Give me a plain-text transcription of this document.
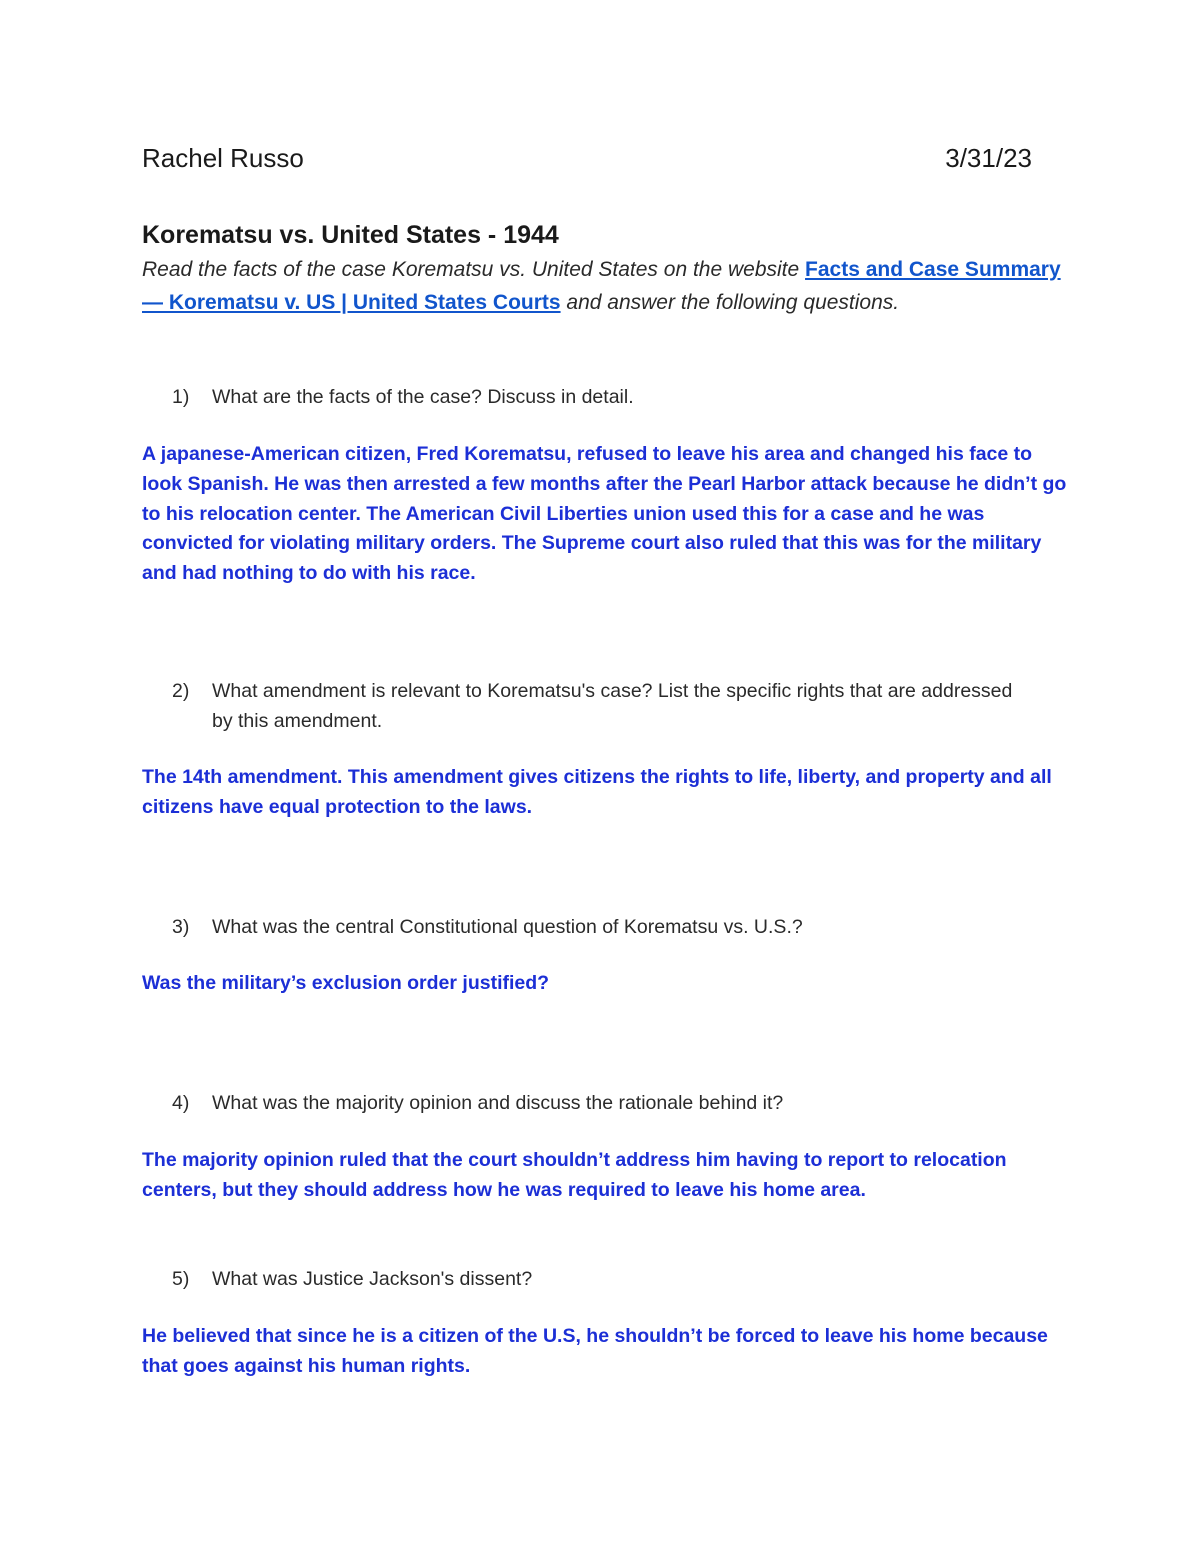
Rachel Russo	3/31/23
Korematsu vs. United States - 1944

Read the facts of the case Korematsu vs. United States on the website Facts and Case Summary — Korematsu v. US | United States Courts and answer the following questions.

1)	What are the facts of the case? Discuss in detail.

A japanese-American citizen, Fred Korematsu, refused to leave his area and changed his face to look Spanish. He was then arrested a few months after the Pearl Harbor attack because he didn’t go to his relocation center. The American Civil Liberties union used this for a case and he was convicted for violating military orders. The Supreme court also ruled that this was for the military and had nothing to do with his race.

2)	What amendment is relevant to Korematsu's case? List the specific rights that are addressed by this amendment.

The 14th amendment. This amendment gives citizens the rights to life, liberty, and property and all citizens have equal protection to the laws.

3)	What was the central Constitutional question of Korematsu vs. U.S.?

Was the military’s exclusion order justified?

4)	What was the majority opinion and discuss the rationale behind it?

The majority opinion ruled that the court shouldn’t address him having to report to relocation centers, but they should address how he was required to leave his home area.

5)	What was Justice Jackson's dissent?

He believed that since he is a citizen of the U.S, he shouldn’t be forced to leave his home because that goes against his human rights.
